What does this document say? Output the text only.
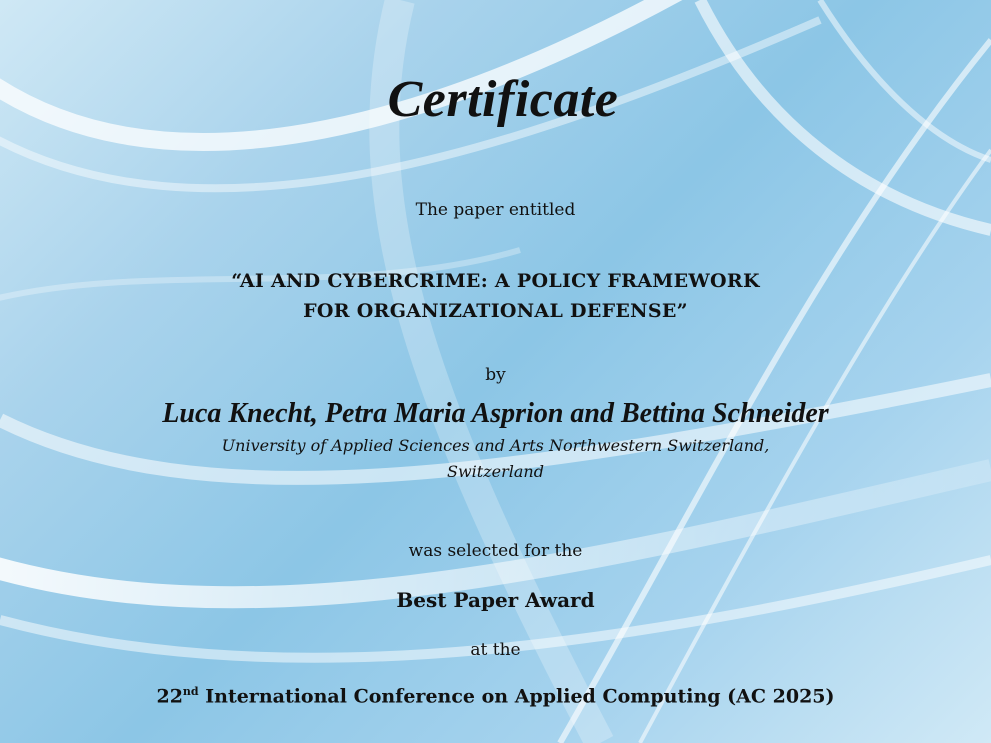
Certificate
The paper entitled
“AI AND CYBERCRIME: A POLICY FRAMEWORK
FOR ORGANIZATIONAL DEFENSE”
by
Luca Knecht, Petra Maria Asprion and Bettina Schneider
University of Applied Sciences and Arts Northwestern Switzerland,
Switzerland
was selected for the
Best Paper Award
at the
22nd International Conference on Applied Computing (AC 2025)
